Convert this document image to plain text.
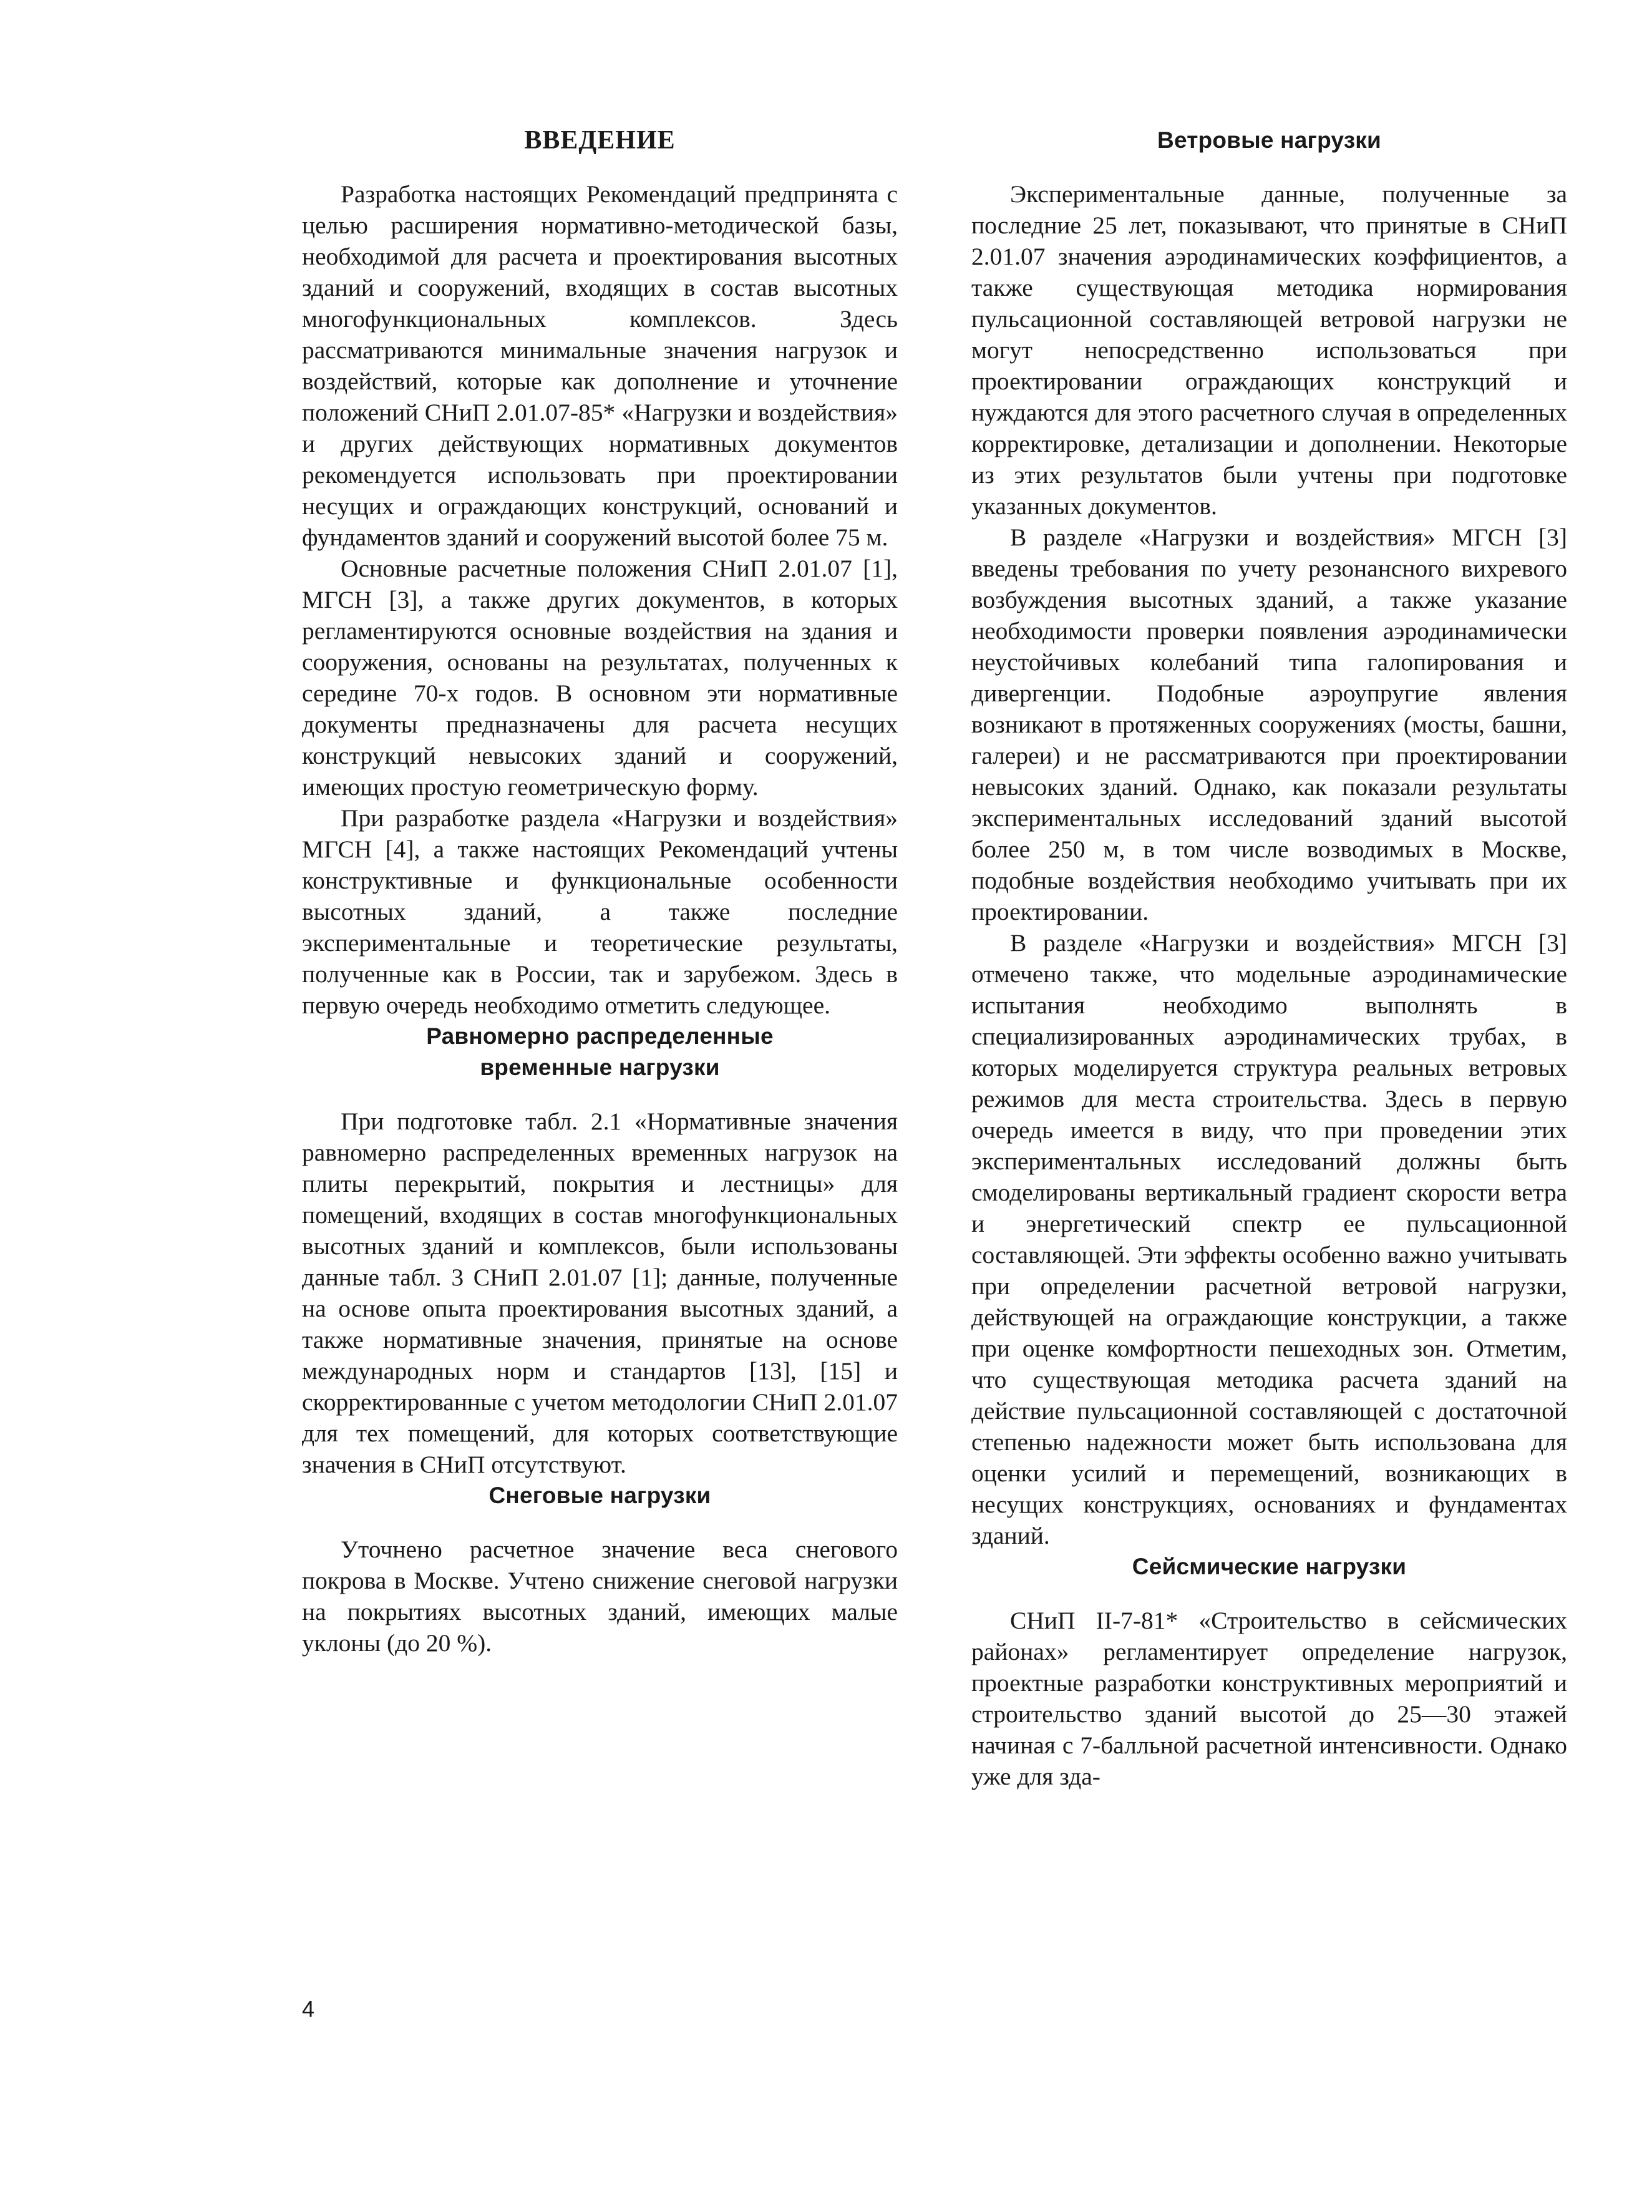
ВВЕДЕНИЕ

Разработка настоящих Рекомендаций предпринята с целью расширения нормативно-методической базы, необходимой для расчета и проектирования высотных зданий и сооружений, входящих в состав высотных многофункциональных комплексов. Здесь рассматриваются минимальные значения нагрузок и воздействий, которые как дополнение и уточнение положений СНиП 2.01.07-85* «Нагрузки и воздействия» и других действующих нормативных документов рекомендуется использовать при проектировании несущих и ограждающих конструкций, оснований и фундаментов зданий и сооружений высотой более 75 м.

Основные расчетные положения СНиП 2.01.07 [1], МГСН [3], а также других документов, в которых регламентируются основные воздействия на здания и сооружения, основаны на результатах, полученных к середине 70-х годов. В основном эти нормативные документы предназначены для расчета несущих конструкций невысоких зданий и сооружений, имеющих простую геометрическую форму.

При разработке раздела «Нагрузки и воздействия» МГСН [4], а также настоящих Рекомендаций учтены конструктивные и функциональные особенности высотных зданий, а также последние экспериментальные и теоретические результаты, полученные как в России, так и зарубежом. Здесь в первую очередь необходимо отметить следующее.

Равномерно распределенные
временные нагрузки

При подготовке табл. 2.1 «Нормативные значения равномерно распределенных временных нагрузок на плиты перекрытий, покрытия и лестницы» для помещений, входящих в состав многофункциональных высотных зданий и комплексов, были использованы данные табл. 3 СНиП 2.01.07 [1]; данные, полученные на основе опыта проектирования высотных зданий, а также нормативные значения, принятые на основе международных норм и стандартов [13], [15] и скорректированные с учетом методологии СНиП 2.01.07 для тех помещений, для которых соответствующие значения в СНиП отсутствуют.

Снеговые нагрузки

Уточнено расчетное значение веса снегового покрова в Москве. Учтено снижение снеговой нагрузки на покрытиях высотных зданий, имеющих малые уклоны (до 20 %).

Ветровые нагрузки

Экспериментальные данные, полученные за последние 25 лет, показывают, что принятые в СНиП 2.01.07 значения аэродинамических коэффициентов, а также существующая методика нормирования пульсационной составляющей ветровой нагрузки не могут непосредственно использоваться при проектировании ограждающих конструкций и нуждаются для этого расчетного случая в определенных корректировке, детализации и дополнении. Некоторые из этих результатов были учтены при подготовке указанных документов.

В разделе «Нагрузки и воздействия» МГСН [3] введены требования по учету резонансного вихревого возбуждения высотных зданий, а также указание необходимости проверки появления аэродинамически неустойчивых колебаний типа галопирования и дивергенции. Подобные аэроупругие явления возникают в протяженных сооружениях (мосты, башни, галереи) и не рассматриваются при проектировании невысоких зданий. Однако, как показали результаты экспериментальных исследований зданий высотой более 250 м, в том числе возводимых в Москве, подобные воздействия необходимо учитывать при их проектировании.

В разделе «Нагрузки и воздействия» МГСН [3] отмечено также, что модельные аэродинамические испытания необходимо выполнять в специализированных аэродинамических трубах, в которых моделируется структура реальных ветровых режимов для места строительства. Здесь в первую очередь имеется в виду, что при проведении этих экспериментальных исследований должны быть смоделированы вертикальный градиент скорости ветра и энергетический спектр ее пульсационной составляющей. Эти эффекты особенно важно учитывать при определении расчетной ветровой нагрузки, действующей на ограждающие конструкции, а также при оценке комфортности пешеходных зон. Отметим, что существующая методика расчета зданий на действие пульсационной составляющей с достаточной степенью надежности может быть использована для оценки усилий и перемещений, возникающих в несущих конструкциях, основаниях и фундаментах зданий.

Сейсмические нагрузки

СНиП II-7-81* «Строительство в сейсмических районах» регламентирует определение нагрузок, проектные разработки конструктивных мероприятий и строительство зданий высотой до 25—30 этажей начиная с 7-балльной расчетной интенсивности. Однако уже для зда-

4
